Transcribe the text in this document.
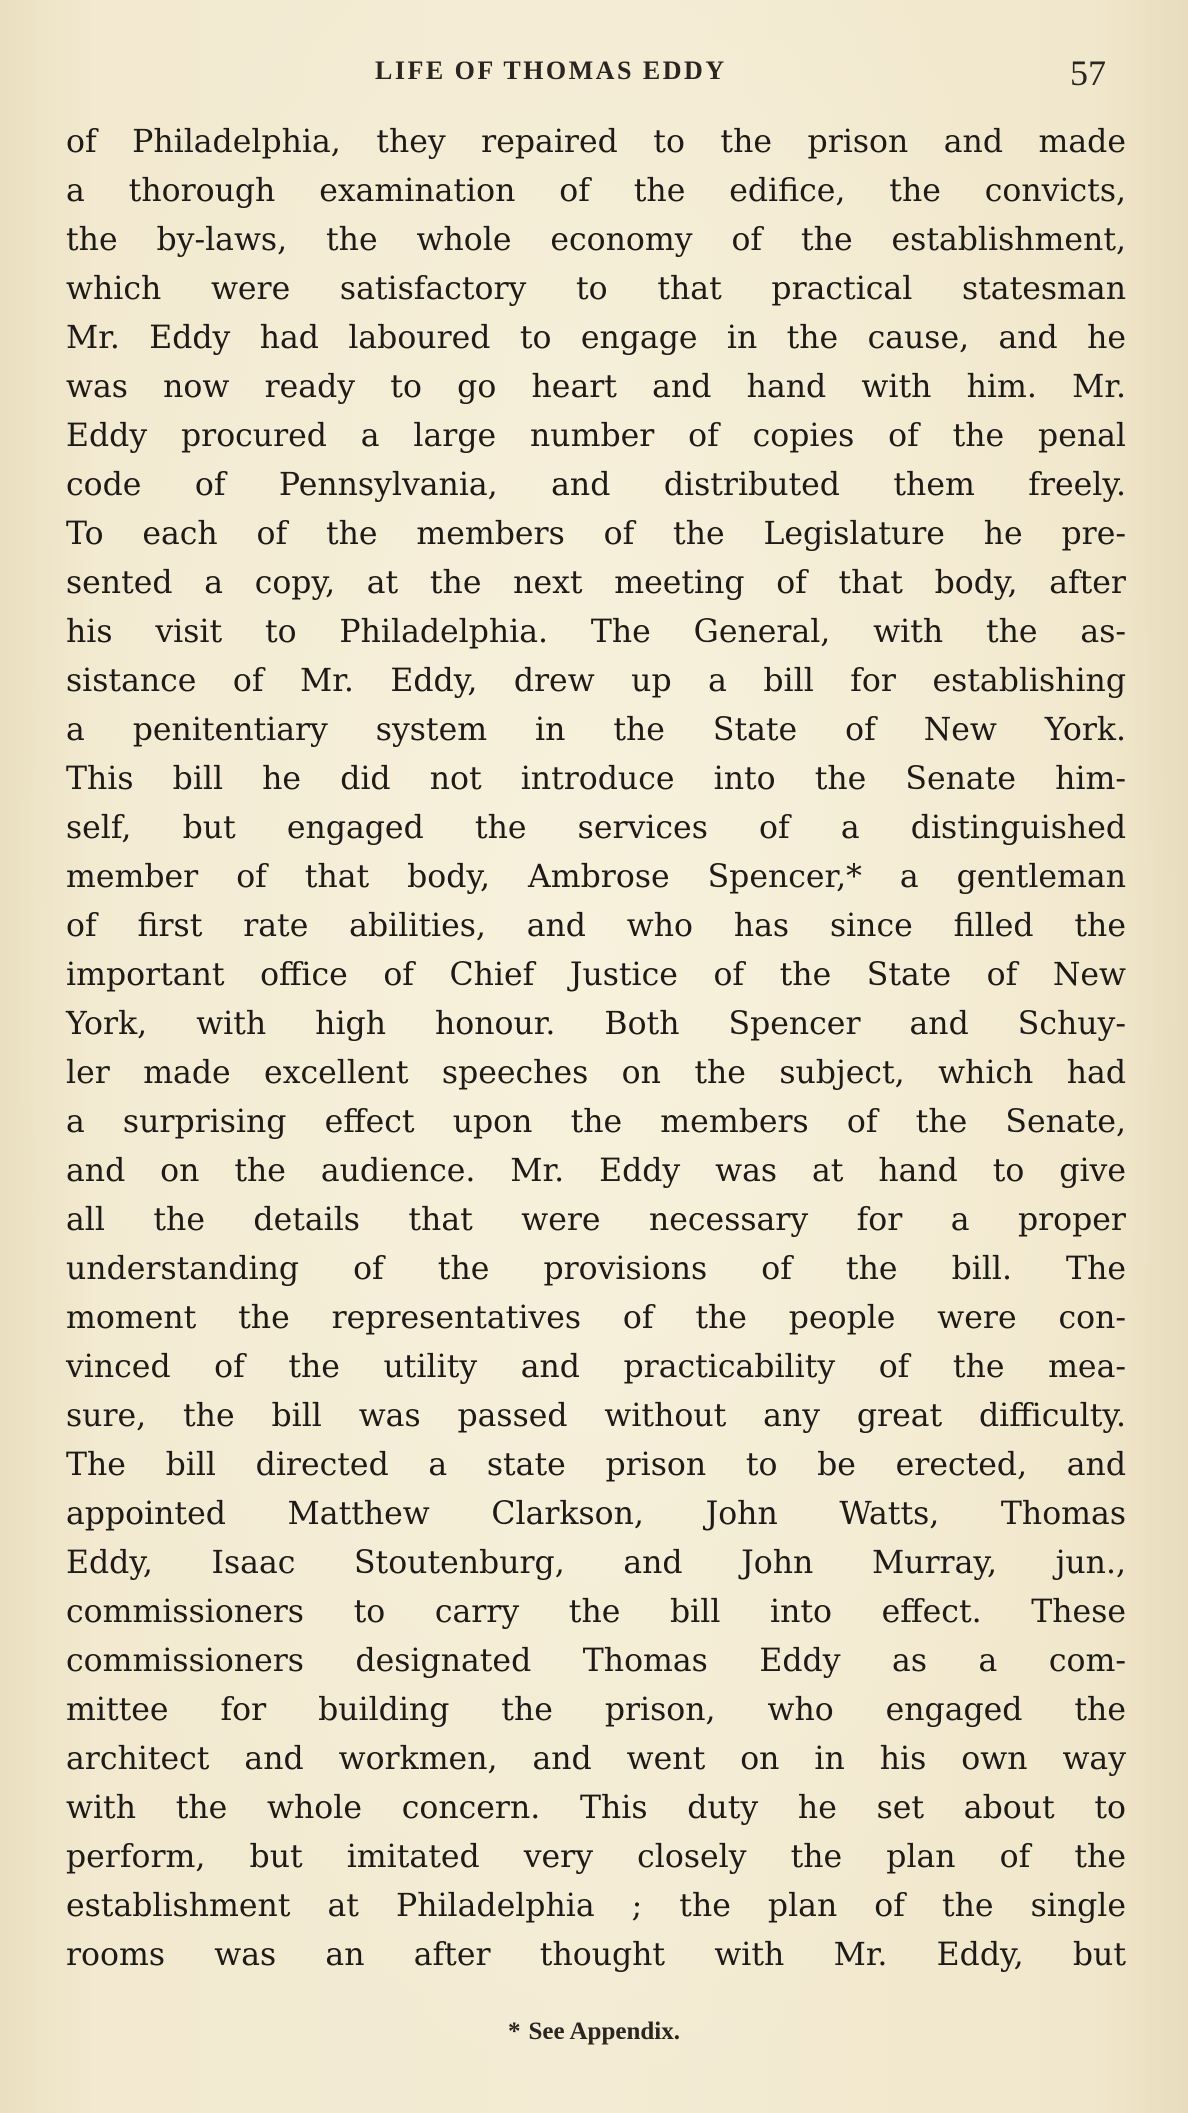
LIFE OF THOMAS EDDY	57
of Philadelphia, they repaired to the prison and made
a thorough examination of the edifice, the convicts,
the by-laws, the whole economy of the establishment,
which were satisfactory to that practical statesman
Mr. Eddy had laboured to engage in the cause, and he
was now ready to go heart and hand with him. Mr.
Eddy procured a large number of copies of the penal
code of Pennsylvania, and distributed them freely.
To each of the members of the Legislature he pre-
sented a copy, at the next meeting of that body, after
his visit to Philadelphia. The General, with the as-
sistance of Mr. Eddy, drew up a bill for establishing
a penitentiary system in the State of New York.
This bill he did not introduce into the Senate him-
self, but engaged the services of a distinguished
member of that body, Ambrose Spencer,* a gentleman
of first rate abilities, and who has since filled the
important office of Chief Justice of the State of New
York, with high honour. Both Spencer and Schuy-
ler made excellent speeches on the subject, which had
a surprising effect upon the members of the Senate,
and on the audience. Mr. Eddy was at hand to give
all the details that were necessary for a proper
understanding of the provisions of the bill. The
moment the representatives of the people were con-
vinced of the utility and practicability of the mea-
sure, the bill was passed without any great difficulty.
The bill directed a state prison to be erected, and
appointed Matthew Clarkson, John Watts, Thomas
Eddy, Isaac Stoutenburg, and John Murray, jun.,
commissioners to carry the bill into effect. These
commissioners designated Thomas Eddy as a com-
mittee for building the prison, who engaged the
architect and workmen, and went on in his own way
with the whole concern. This duty he set about to
perform, but imitated very closely the plan of the
establishment at Philadelphia ; the plan of the single
rooms was an after thought with Mr. Eddy, but
* See Appendix.
